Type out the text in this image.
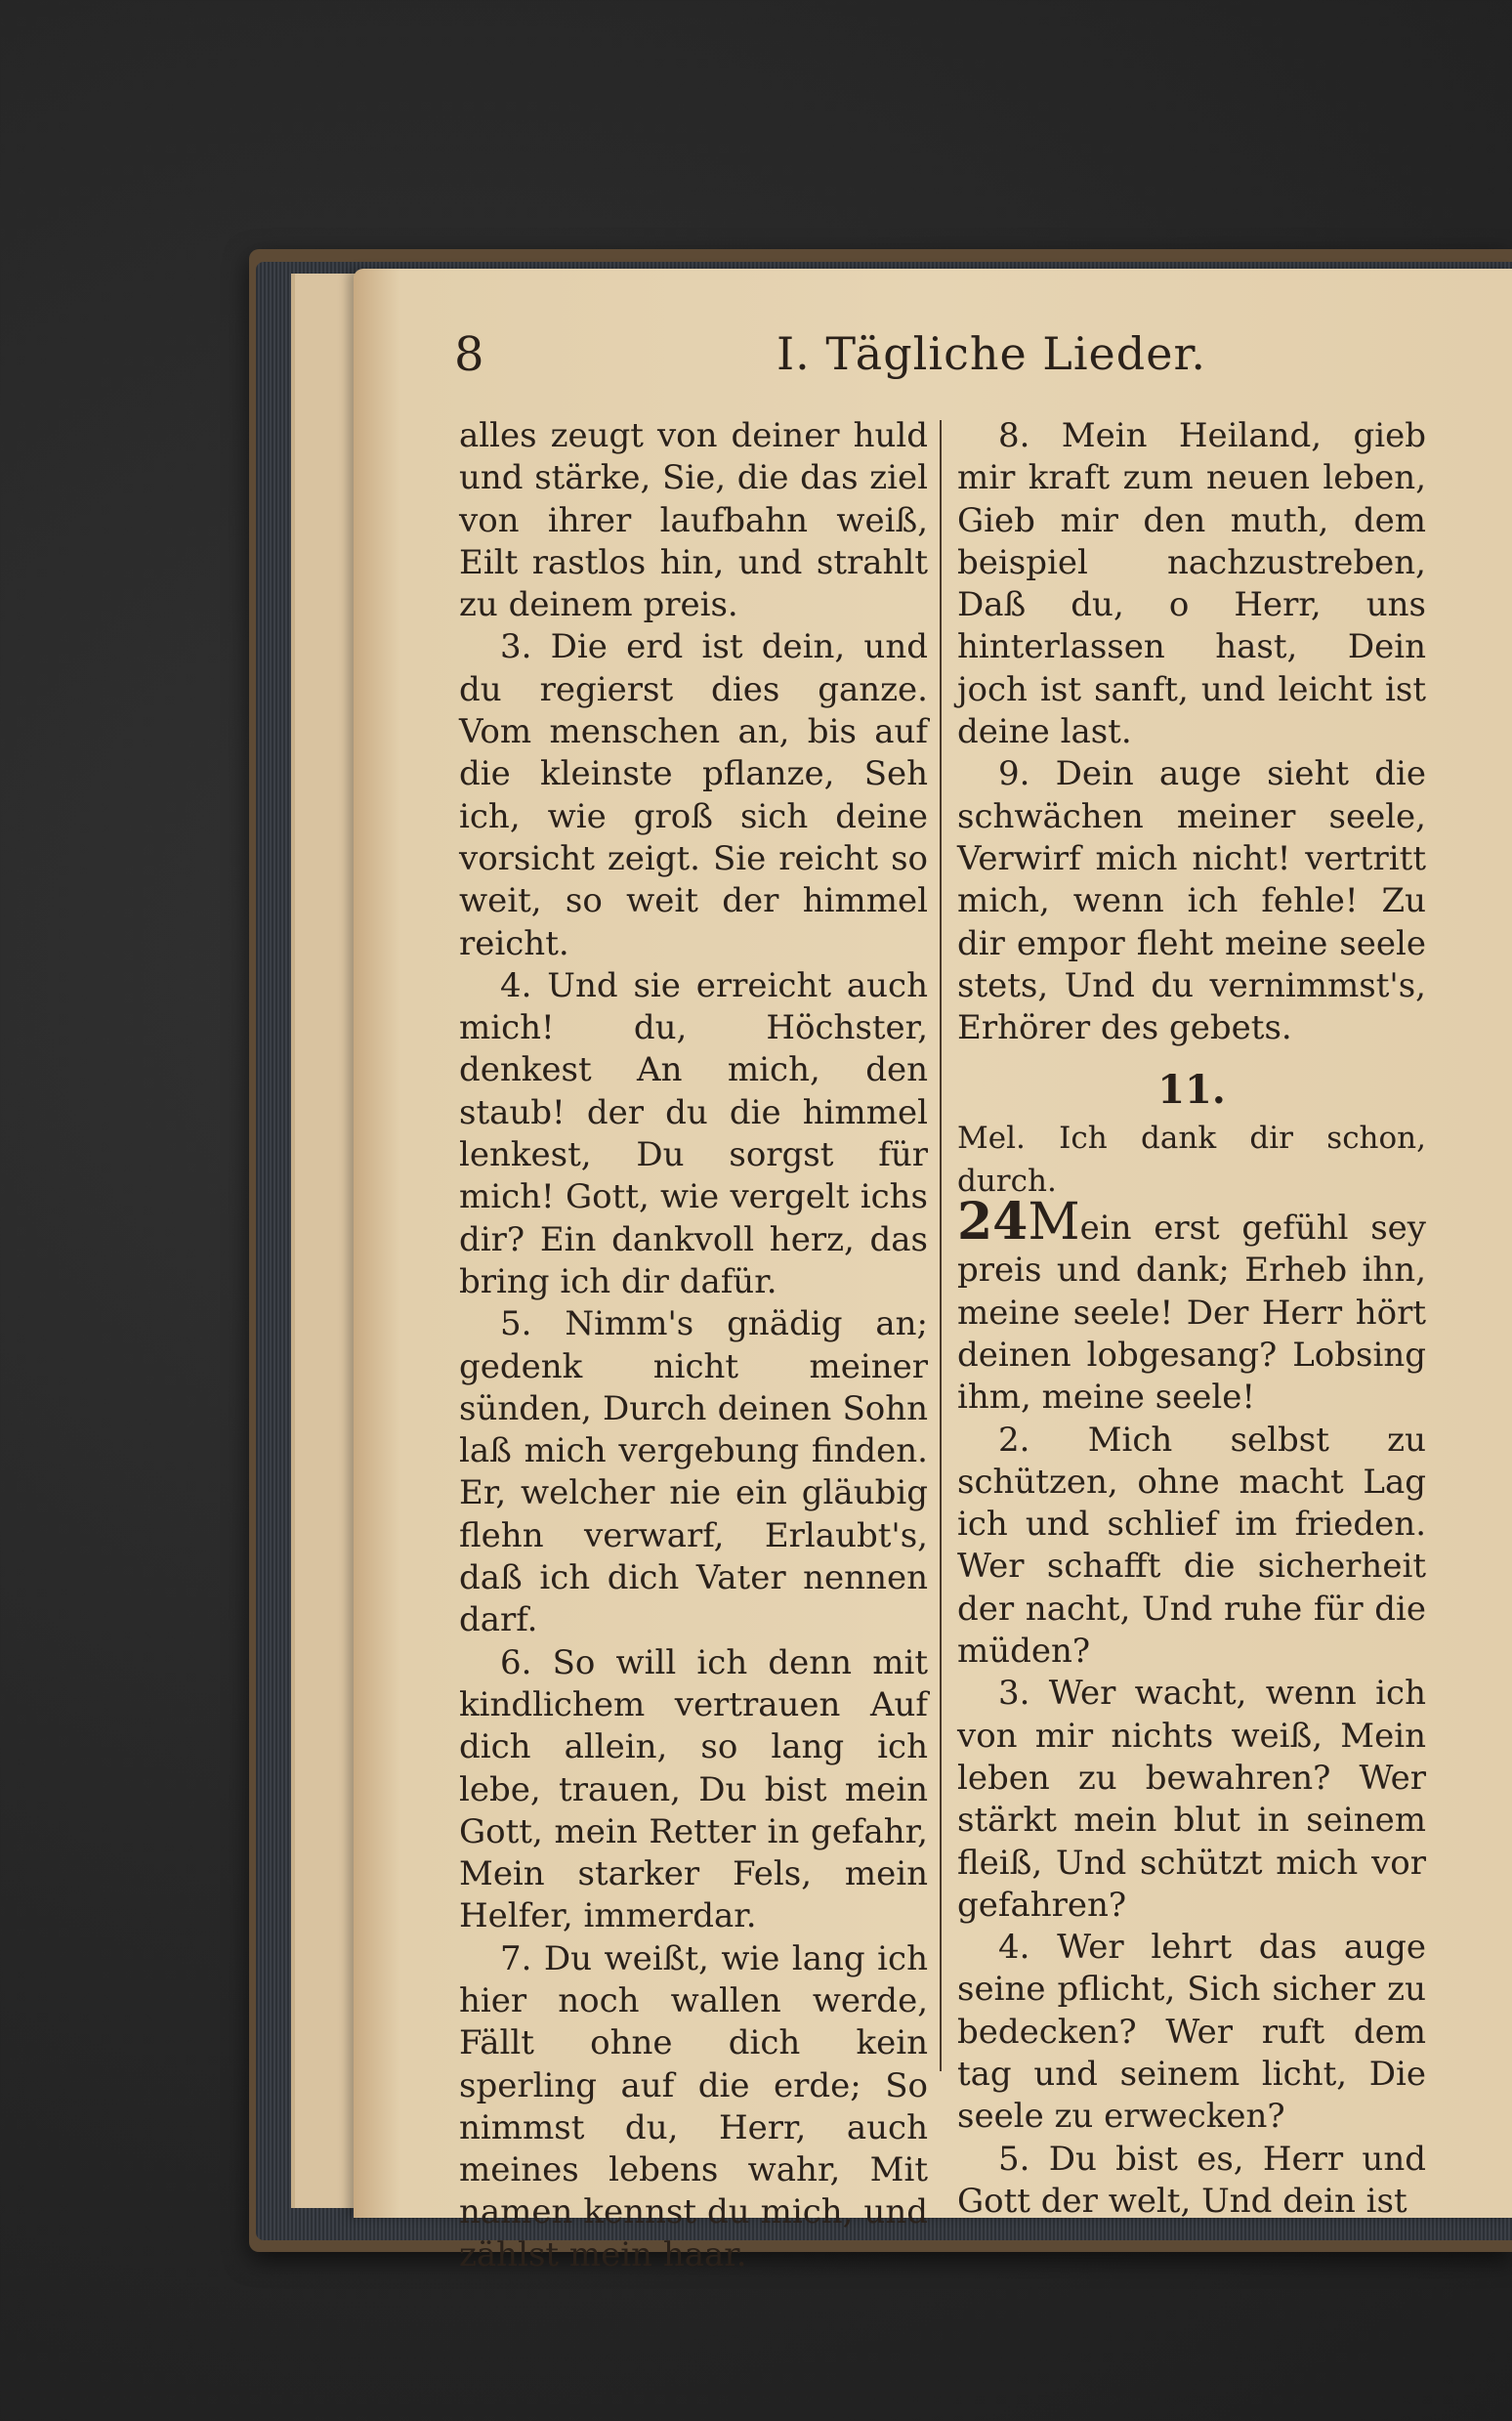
8	I. Tägliche Lieder.

alles zeugt von deiner huld und stärke, Sie, die das ziel von ihrer laufbahn weiß, Eilt rastlos hin, und strahlt zu deinem preis.

3. Die erd ist dein, und du regierst dies ganze. Vom menschen an, bis auf die kleinste pflanze, Seh ich, wie groß sich deine vorsicht zeigt. Sie reicht so weit, so weit der himmel reicht.

4. Und sie erreicht auch mich! du, Höchster, denkest An mich, den staub! der du die himmel lenkest, Du sorgst für mich! Gott, wie vergelt ichs dir? Ein dankvoll herz, das bring ich dir dafür.

5. Nimm's gnädig an; gedenk nicht meiner sünden, Durch deinen Sohn laß mich vergebung finden. Er, welcher nie ein gläubig flehn verwarf, Erlaubt's, daß ich dich Vater nennen darf.

6. So will ich denn mit kindlichem vertrauen Auf dich allein, so lang ich lebe, trauen, Du bist mein Gott, mein Retter in gefahr, Mein starker Fels, mein Helfer, immerdar.

7. Du weißt, wie lang ich hier noch wallen werde, Fällt ohne dich kein sperling auf die erde; So nimmst du, Herr, auch meines lebens wahr, Mit namen kennst du mich, und zählst mein haar.

8. Mein Heiland, gieb mir kraft zum neuen leben, Gieb mir den muth, dem beispiel nachzustreben, Daß du, o Herr, uns hinterlassen hast, Dein joch ist sanft, und leicht ist deine last.

9. Dein auge sieht die schwächen meiner seele, Verwirf mich nicht! vertritt mich, wenn ich fehle! Zu dir empor fleht meine seele stets, Und du vernimmst's, Erhörer des gebets.

11.

Mel. Ich dank dir schon, durch.

24Mein erst gefühl sey preis und dank; Erheb ihn, meine seele! Der Herr hört deinen lobgesang? Lobsing ihm, meine seele!

2. Mich selbst zu schützen, ohne macht Lag ich und schlief im frieden. Wer schafft die sicherheit der nacht, Und ruhe für die müden?

3. Wer wacht, wenn ich von mir nichts weiß, Mein leben zu bewahren? Wer stärkt mein blut in seinem fleiß, Und schützt mich vor gefahren?

4. Wer lehrt das auge seine pflicht, Sich sicher zu bedecken? Wer ruft dem tag und seinem licht, Die seele zu erwecken?

5. Du bist es, Herr und Gott der welt, Und dein ist
